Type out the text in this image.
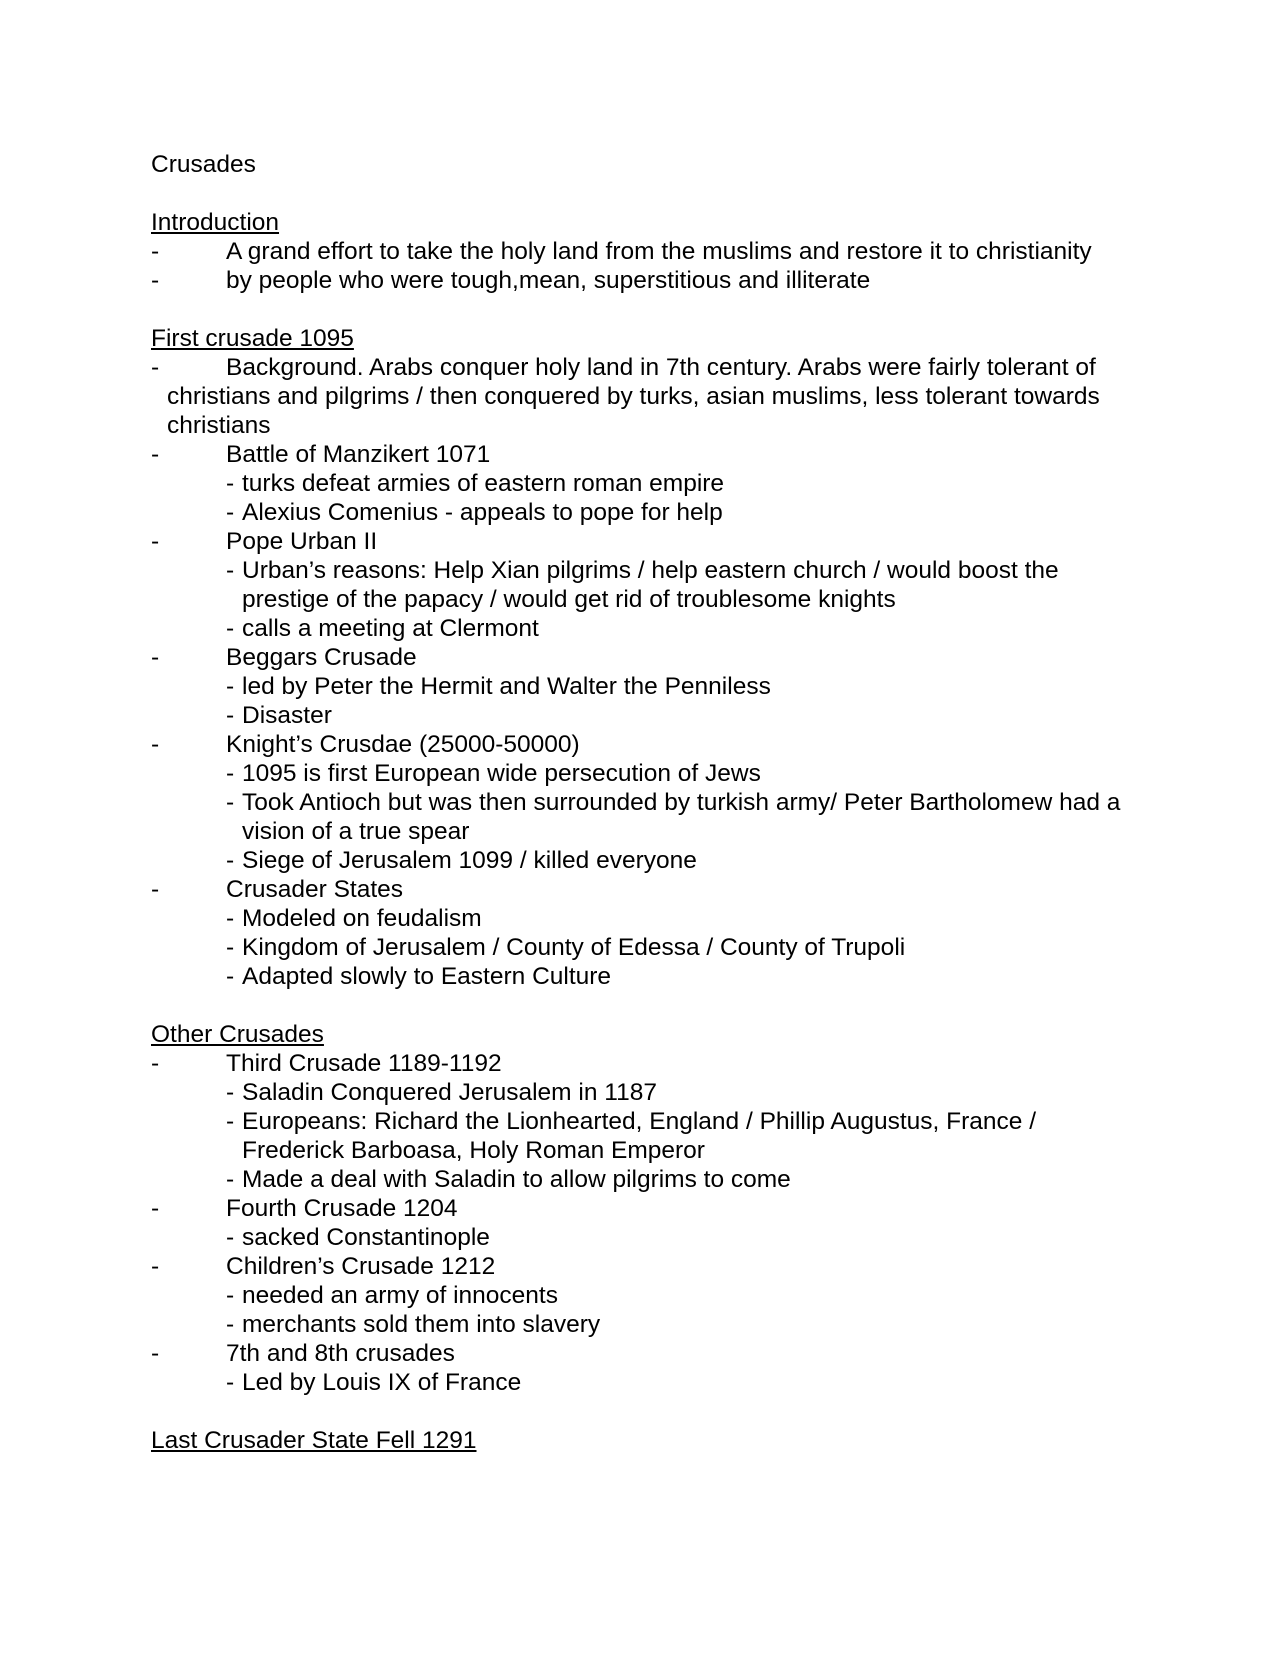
Crusades
Introduction
-	A grand effort to take the holy land from the muslims and restore it to christianity
-	by people who were tough,mean, superstitious and illiterate
First crusade 1095
-	Background. Arabs conquer holy land in 7th century. Arabs were fairly tolerant of christians and pilgrims / then conquered by turks, asian muslims, less tolerant towards christians
-	Battle of Manzikert 1071
- turks defeat armies of eastern roman empire
- Alexius Comenius - appeals to pope for help
-	Pope Urban II
- Urban’s reasons: Help Xian pilgrims / help eastern church / would boost the prestige of the papacy / would get rid of troublesome knights
- calls a meeting at Clermont
-	Beggars Crusade
- led by Peter the Hermit and Walter the Penniless
- Disaster
-	Knight’s Crusdae (25000-50000)
- 1095 is first European wide persecution of Jews
- Took Antioch but was then surrounded by turkish army/ Peter Bartholomew had a vision of a true spear
- Siege of Jerusalem 1099 / killed everyone
-	Crusader States
- Modeled on feudalism
- Kingdom of Jerusalem / County of Edessa / County of Trupoli
- Adapted slowly to Eastern Culture
Other Crusades
-	Third Crusade 1189-1192
- Saladin Conquered Jerusalem in 1187
- Europeans: Richard the Lionhearted, England / Phillip Augustus, France / Frederick Barboasa, Holy Roman Emperor
- Made a deal with Saladin to allow pilgrims to come
-	Fourth Crusade 1204
- sacked Constantinople
-	Children’s Crusade 1212
- needed an army of innocents
- merchants sold them into slavery
-	7th and 8th crusades
- Led by Louis IX of France
Last Crusader State Fell 1291
